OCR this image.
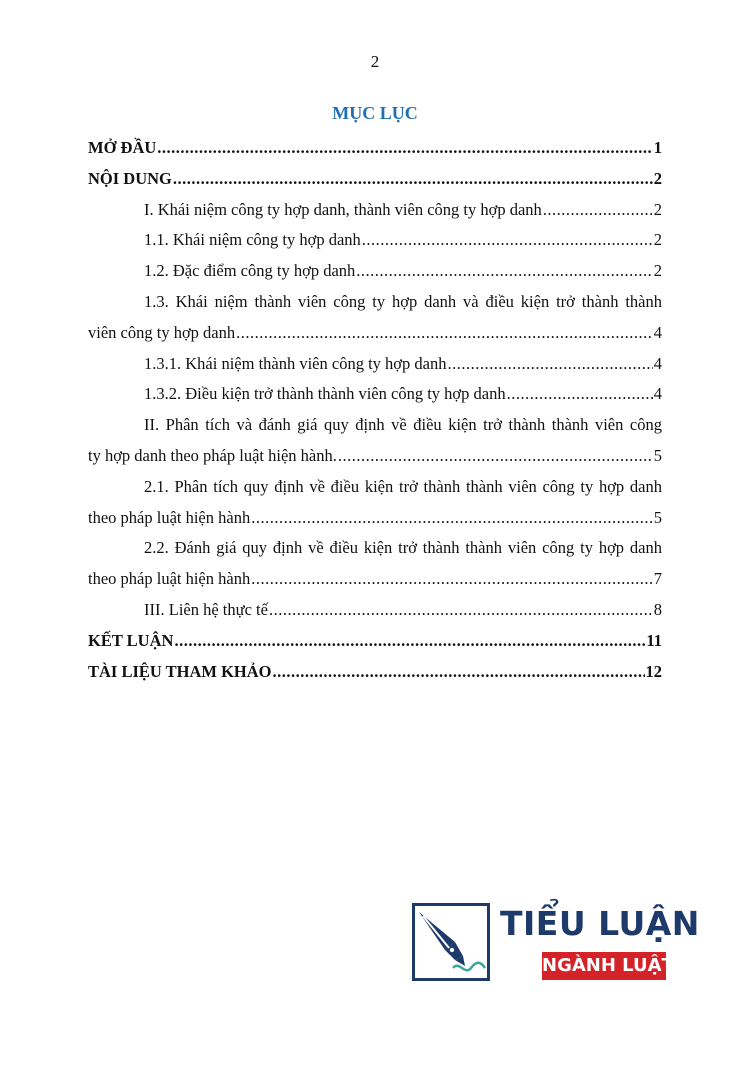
2
MỤC LỤC
MỞ ĐẦU .....	1
NỘI DUNG .....	2
I. Khái niệm công ty hợp danh, thành viên công ty hợp danh .....	2
1.1. Khái niệm công ty hợp danh .....	2
1.2. Đặc điểm công ty hợp danh .....	2
1.3. Khái niệm thành viên công ty hợp danh và điều kiện trở thành thành
viên công ty hợp danh .....	4
1.3.1. Khái niệm thành viên công ty hợp danh .....	4
1.3.2. Điều kiện trở thành thành viên công ty hợp danh .....	4
II. Phân tích và đánh giá quy định về điều kiện trở thành thành viên công
ty hợp danh theo pháp luật hiện hành. .....	5
2.1. Phân tích quy định về điều kiện trở thành thành viên công ty hợp danh
theo pháp luật hiện hành .....	5
2.2. Đánh giá quy định về điều kiện trở thành thành viên công ty hợp danh
theo pháp luật hiện hành .....	7
III. Liên hệ thực tế .....	8
KẾT LUẬN .....	11
TÀI LIỆU THAM KHẢO .....	12
TIỂU LUẬN
NGÀNH LUẬT
